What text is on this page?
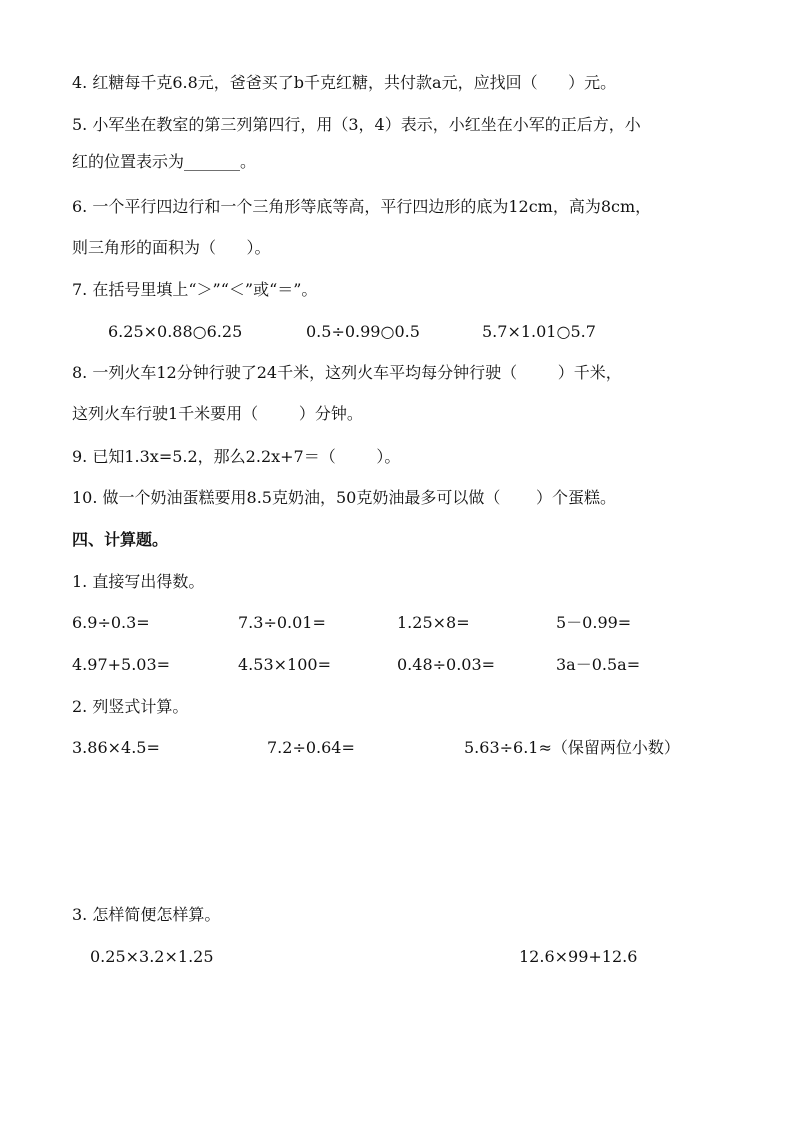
4. 红糖每千克6.8元，爸爸买了b千克红糖，共付款a元，应找回（      ）元。
5. 小军坐在教室的第三列第四行，用（3，4）表示，小红坐在小军的正后方，小
红的位置表示为_______。
6. 一个平行四边行和一个三角形等底等高，平行四边形的底为12cm，高为8cm，
则三角形的面积为（      ）。
7. 在括号里填上“＞”“＜”或“＝”。
6.25×0.88○6.25	0.5÷0.99○0.5	5.7×1.01○5.7
8. 一列火车12分钟行驶了24千米，这列火车平均每分钟行驶（        ）千米，
这列火车行驶1千米要用（        ）分钟。
9. 已知1.3x=5.2，那么2.2x+7＝（        ）。
10. 做一个奶油蛋糕要用8.5克奶油，50克奶油最多可以做（       ）个蛋糕。
四、计算题。
1. 直接写出得数。
6.9÷0.3=	7.3÷0.01=	1.25×8=	5－0.99=
4.97+5.03=	4.53×100=	0.48÷0.03=	3a－0.5a=
2. 列竖式计算。
3.86×4.5=	7.2÷0.64=	5.63÷6.1≈（保留两位小数）
3. 怎样简便怎样算。
0.25×3.2×1.25	12.6×99+12.6
